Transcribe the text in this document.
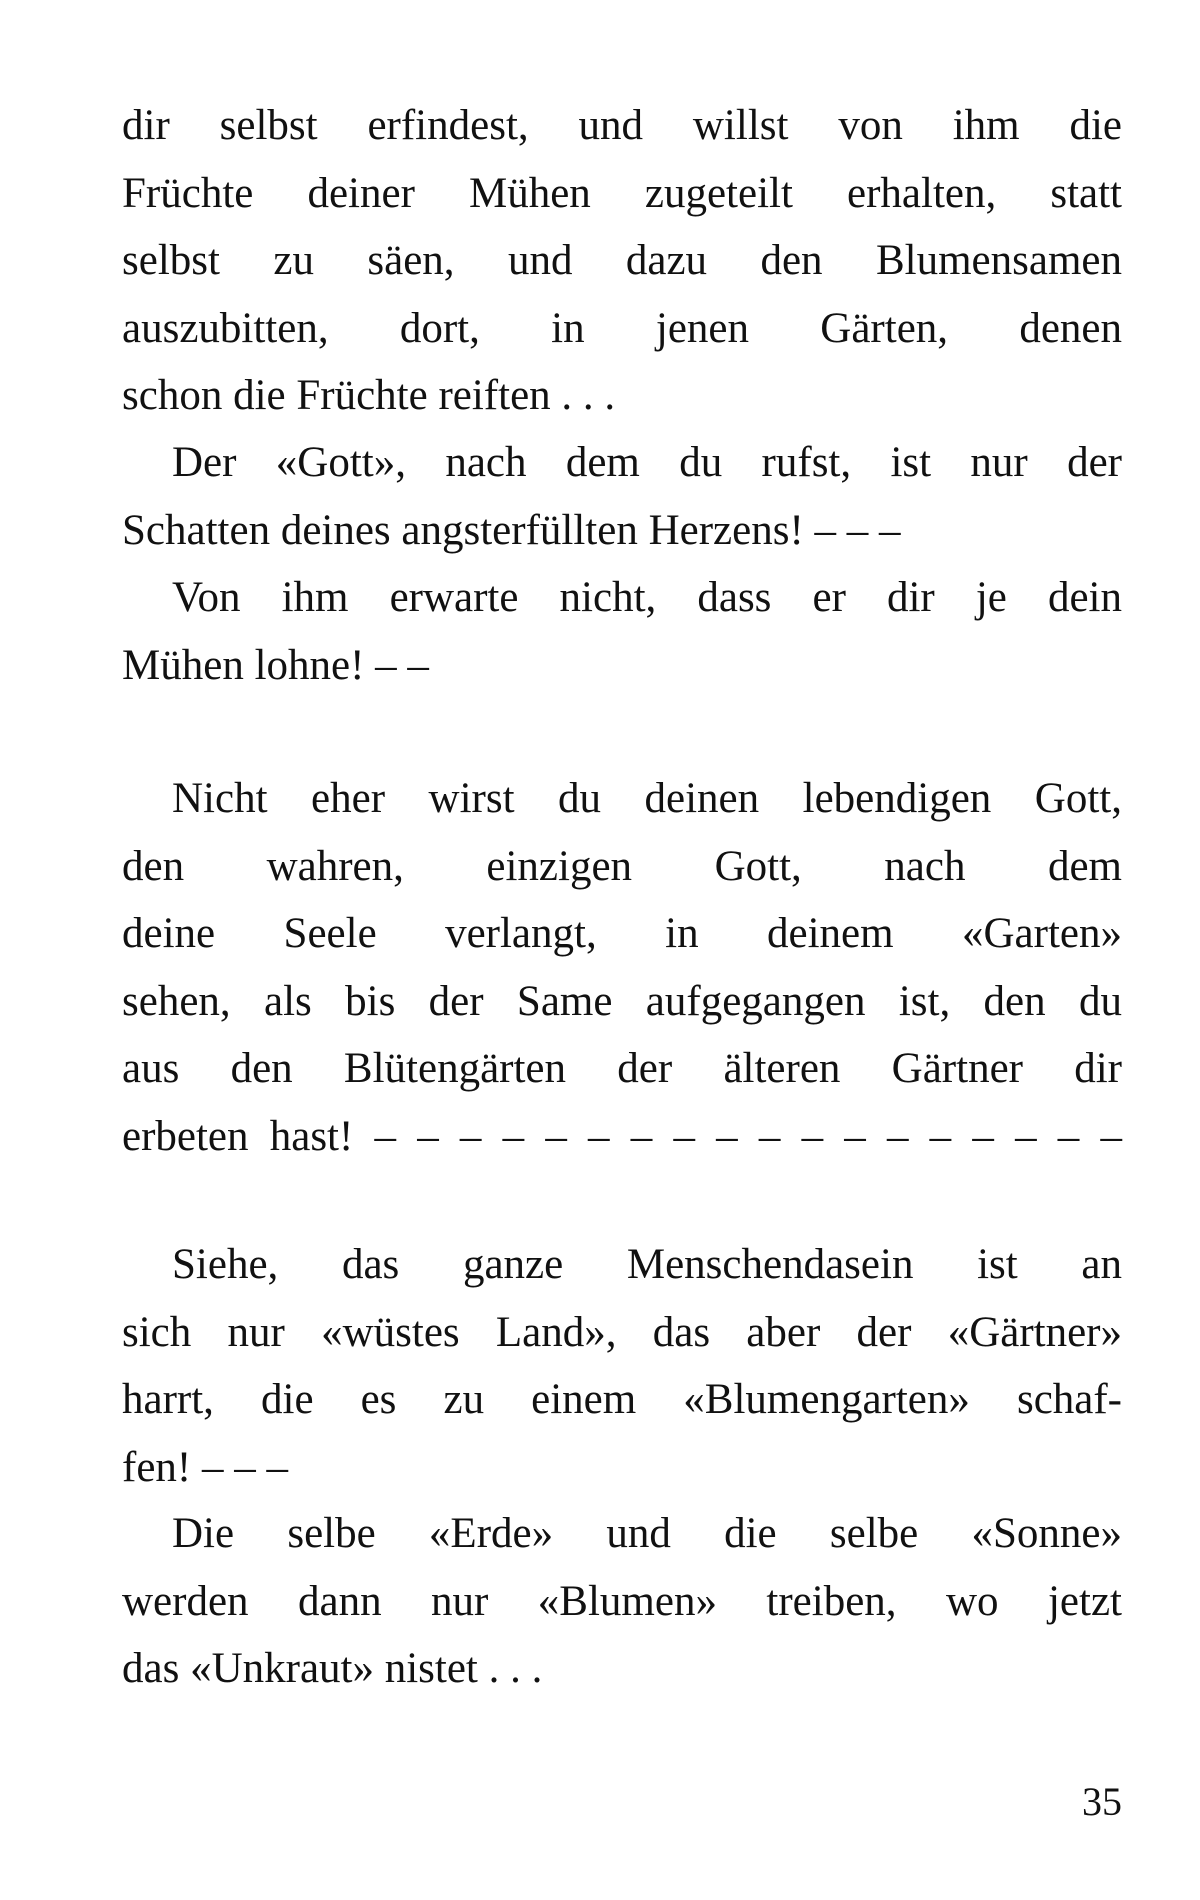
dir selbst erfindest, und willst von ihm die
Früchte deiner Mühen zugeteilt erhalten, statt
selbst zu säen, und dazu den Blumensamen
auszubitten, dort, in jenen Gärten, denen
schon die Früchte reiften . . .
Der «Gott», nach dem du rufst, ist nur der
Schatten deines angsterfüllten Herzens! – – –
Von ihm erwarte nicht, dass er dir je dein
Mühen lohne! – –
Nicht eher wirst du deinen lebendigen Gott,
den wahren, einzigen Gott, nach dem
deine Seele verlangt, in deinem «Garten»
sehen, als bis der Same aufgegangen ist, den du
aus den Blütengärten der älteren Gärtner dir
erbeten hast! – – – – – – – – – – – – – – – – – –
Siehe, das ganze Menschendasein ist an
sich nur «wüstes Land», das aber der «Gärtner»
harrt, die es zu einem «Blumengarten» schaf-
fen! – – –
Die selbe «Erde» und die selbe «Sonne»
werden dann nur «Blumen» treiben, wo jetzt
das «Unkraut» nistet . . .
35
